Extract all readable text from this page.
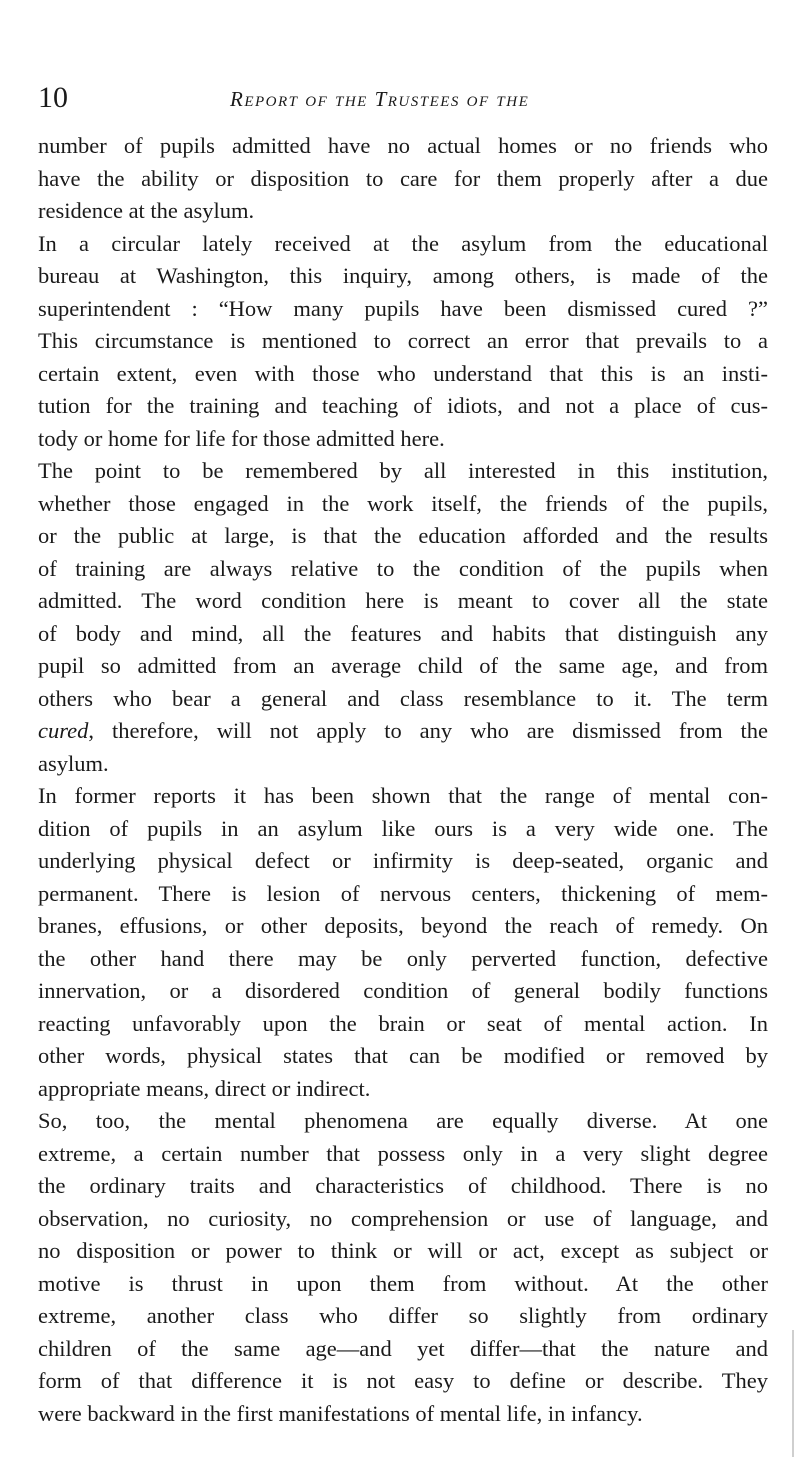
10	Report of the Trustees of the

number of pupils admitted have no actual homes or no friends who
have the ability or disposition to care for them properly after a due
residence at the asylum.

In a circular lately received at the asylum from the educational
bureau at Washington, this inquiry, among others, is made of the
superintendent : “How many pupils have been dismissed cured ?”
This circumstance is mentioned to correct an error that prevails to a
certain extent, even with those who understand that this is an insti-
tution for the training and teaching of idiots, and not a place of cus-
tody or home for life for those admitted here.

The point to be remembered by all interested in this institution,
whether those engaged in the work itself, the friends of the pupils,
or the public at large, is that the education afforded and the results
of training are always relative to the condition of the pupils when
admitted. The word condition here is meant to cover all the state
of body and mind, all the features and habits that distinguish any
pupil so admitted from an average child of the same age, and from
others who bear a general and class resemblance to it. The term
cured, therefore, will not apply to any who are dismissed from the
asylum.

In former reports it has been shown that the range of mental con-
dition of pupils in an asylum like ours is a very wide one. The
underlying physical defect or infirmity is deep-seated, organic and
permanent. There is lesion of nervous centers, thickening of mem-
branes, effusions, or other deposits, beyond the reach of remedy. On
the other hand there may be only perverted function, defective
innervation, or a disordered condition of general bodily functions
reacting unfavorably upon the brain or seat of mental action. In
other words, physical states that can be modified or removed by
appropriate means, direct or indirect.

So, too, the mental phenomena are equally diverse. At one
extreme, a certain number that possess only in a very slight degree
the ordinary traits and characteristics of childhood. There is no
observation, no curiosity, no comprehension or use of language, and
no disposition or power to think or will or act, except as subject or
motive is thrust in upon them from without. At the other
extreme, another class who differ so slightly from ordinary
children of the same age—and yet differ—that the nature and
form of that difference it is not easy to define or describe. They
were backward in the first manifestations of mental life, in infancy.
